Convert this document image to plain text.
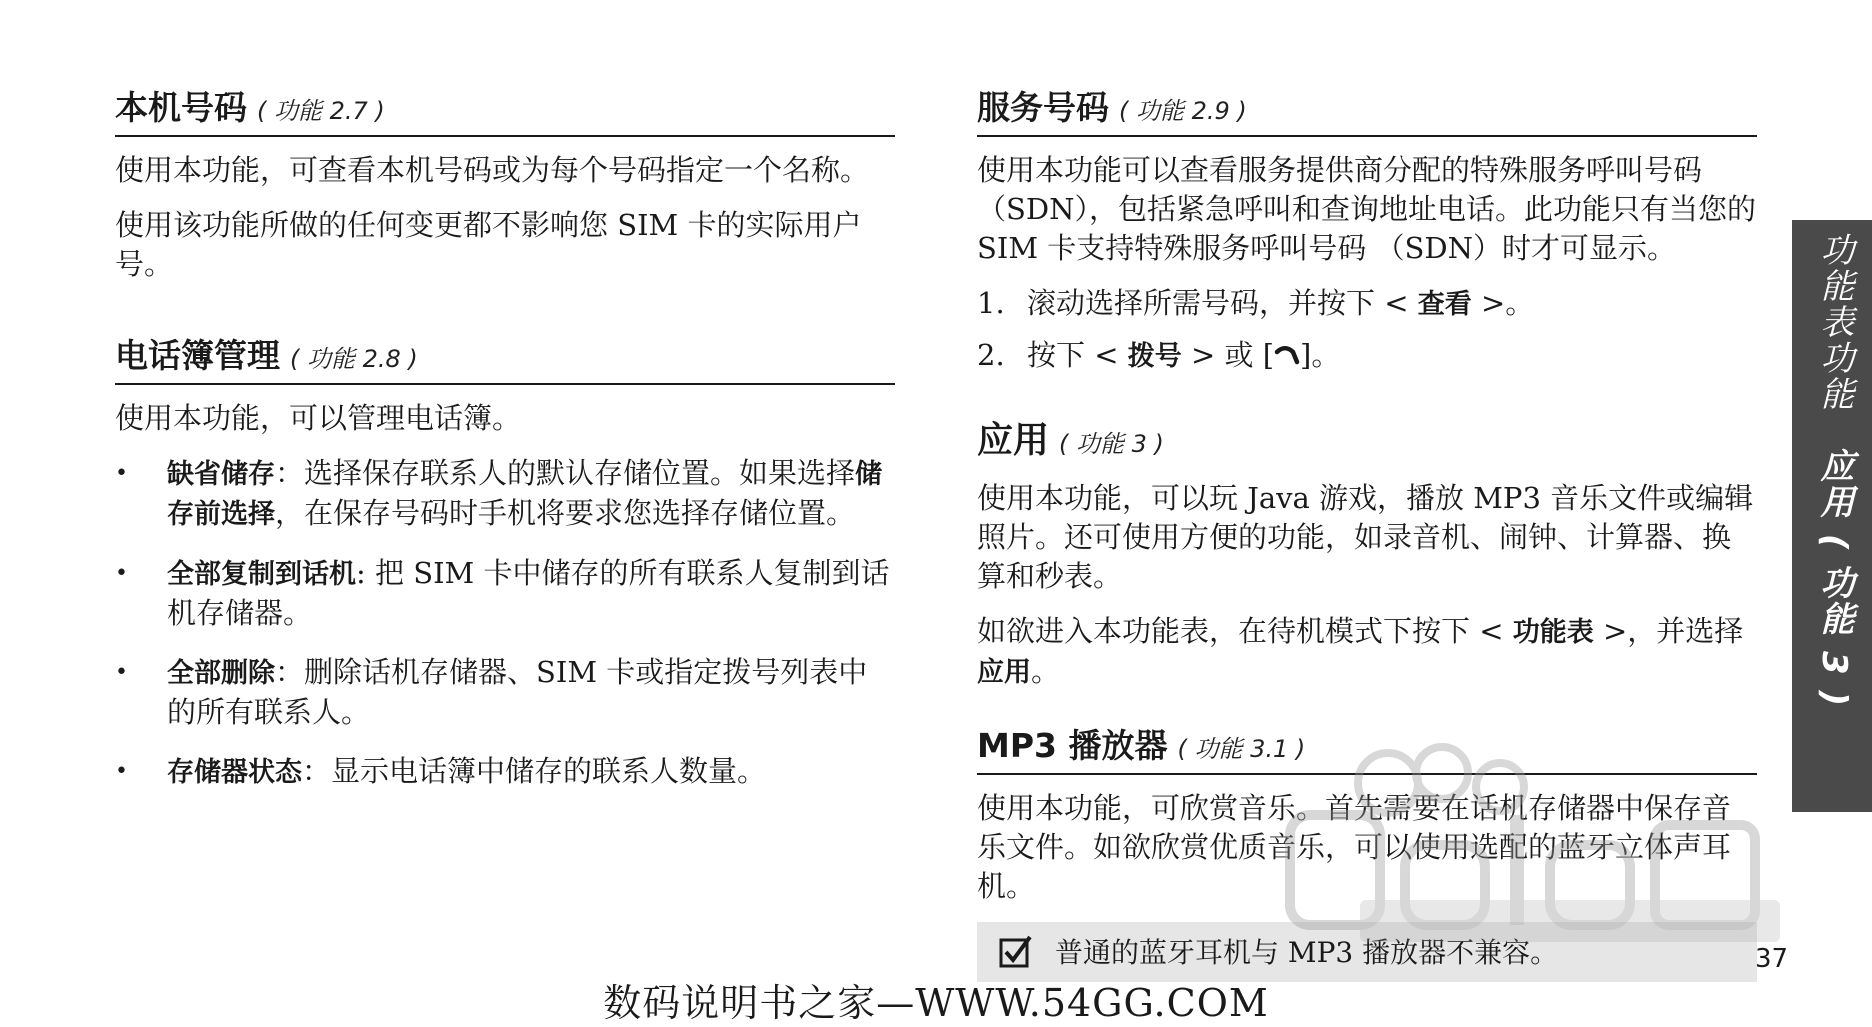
本机号码 ( 功能 2.7 )

使用本功能，可查看本机号码或为每个号码指定一个名称。

使用该功能所做的任何变更都不影响您 SIM 卡的实际用户号。

电话簿管理 ( 功能 2.8 )

使用本功能，可以管理电话簿。

• 缺省储存：选择保存联系人的默认存储位置。如果选择储存前选择，在保存号码时手机将要求您选择存储位置。
• 全部复制到话机: 把 SIM 卡中储存的所有联系人复制到话机存储器。
• 全部删除：删除话机存储器、SIM 卡或指定拨号列表中的所有联系人。
• 存储器状态：显示电话簿中储存的联系人数量。
服务号码 ( 功能 2.9 )

使用本功能可以查看服务提供商分配的特殊服务呼叫号码（SDN），包括紧急呼叫和查询地址电话。此功能只有当您的 SIM 卡支持特殊服务呼叫号码 （SDN）时才可显示。

1. 滚动选择所需号码，并按下 < 查看 >。
2. 按下 < 拨号 > 或 [ ]。
应用 ( 功能 3 )

使用本功能，可以玩 Java 游戏，播放 MP3 音乐文件或编辑照片。还可使用方便的功能，如录音机、闹钟、计算器、换算和秒表。

如欲进入本功能表，在待机模式下按下 < 功能表 >，并选择应用。

MP3 播放器 ( 功能 3.1 )

使用本功能，可欣赏音乐。首先需要在话机存储器中保存音乐文件。如欲欣赏优质音乐，可以使用选配的蓝牙立体声耳机。

普通的蓝牙耳机与 MP3 播放器不兼容。
功能表功能　应用 ( 功能 3 )
37
数码说明书之家—WWW.54GG.COM
